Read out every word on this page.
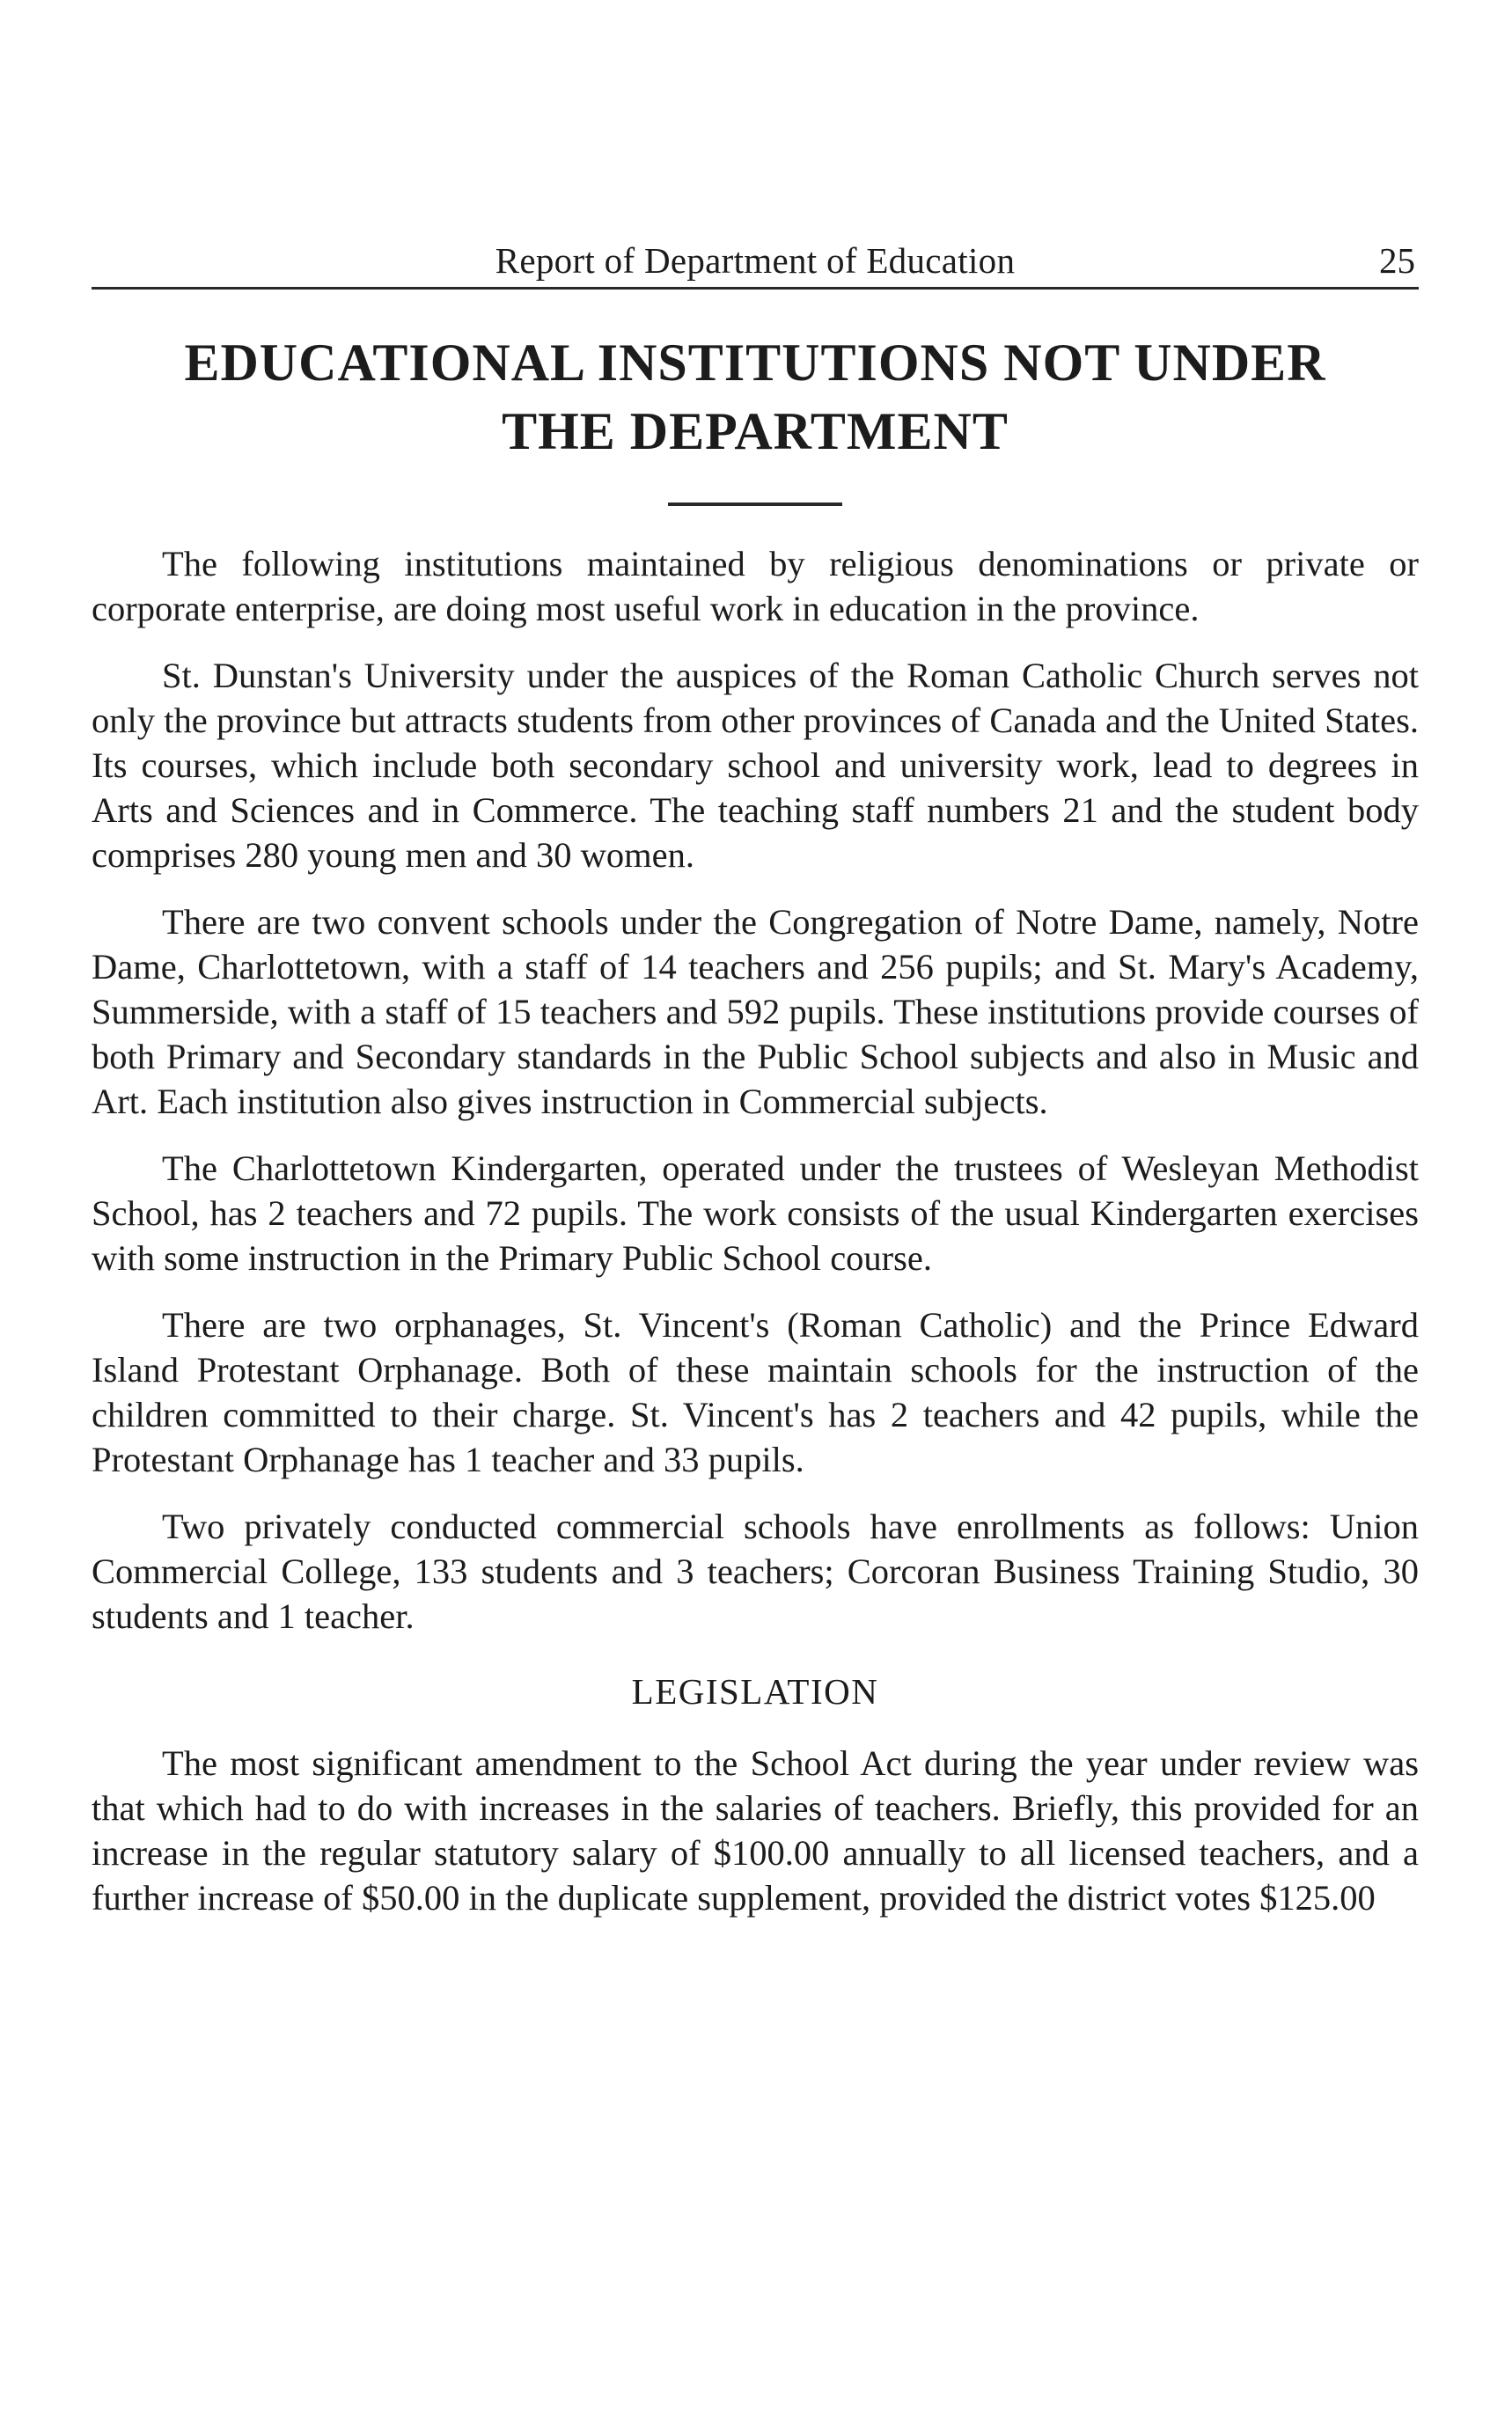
Report of Department of Education	25
EDUCATIONAL INSTITUTIONS NOT UNDER
THE DEPARTMENT

The following institutions maintained by religious denominations or private or corporate enterprise, are doing most useful work in education in the province.

St. Dunstan's University under the auspices of the Roman Catholic Church serves not only the province but attracts students from other provinces of Canada and the United States. Its courses, which include both secondary school and university work, lead to degrees in Arts and Sciences and in Commerce. The teaching staff numbers 21 and the student body comprises 280 young men and 30 women.

There are two convent schools under the Congregation of Notre Dame, namely, Notre Dame, Charlottetown, with a staff of 14 teachers and 256 pupils; and St. Mary's Academy, Summerside, with a staff of 15 teachers and 592 pupils. These institutions provide courses of both Primary and Secondary standards in the Public School subjects and also in Music and Art. Each institution also gives instruction in Commercial subjects.

The Charlottetown Kindergarten, operated under the trustees of Wesleyan Methodist School, has 2 teachers and 72 pupils. The work consists of the usual Kindergarten exercises with some instruction in the Primary Public School course.

There are two orphanages, St. Vincent's (Roman Catholic) and the Prince Edward Island Protestant Orphanage. Both of these maintain schools for the instruction of the children committed to their charge. St. Vincent's has 2 teachers and 42 pupils, while the Protestant Orphanage has 1 teacher and 33 pupils.

Two privately conducted commercial schools have enrollments as follows: Union Commercial College, 133 students and 3 teachers; Corcoran Business Training Studio, 30 students and 1 teacher.

LEGISLATION

The most significant amendment to the School Act during the year under review was that which had to do with increases in the salaries of teachers. Briefly, this provided for an increase in the regular statutory salary of $100.00 annually to all licensed teachers, and a further increase of $50.00 in the duplicate supplement, provided the district votes $125.00
